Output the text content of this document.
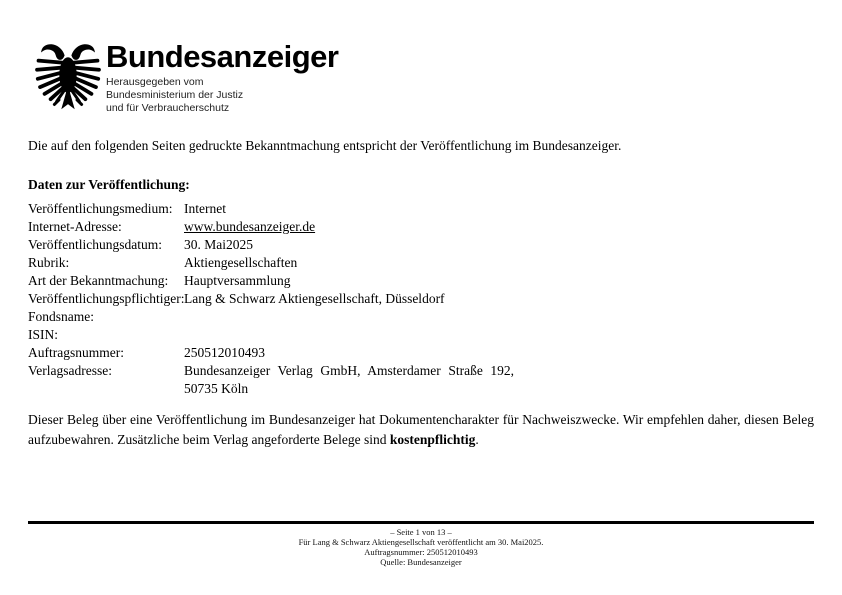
Bundesanzeiger
Herausgegeben vom
Bundesministerium der Justiz
und für Verbraucherschutz
Die auf den folgenden Seiten gedruckte Bekanntmachung entspricht der Veröffentlichung im Bundesanzeiger.
Daten zur Veröffentlichung:
Veröffentlichungsmedium: Internet
Internet-Adresse:	www.bundesanzeiger.de
Veröffentlichungsdatum:	30. Mai2025
Rubrik:	Aktiengesellschaften
Art der Bekanntmachung:	Hauptversammlung
Veröffentlichungspflichtiger: Lang & Schwarz Aktiengesellschaft, Düsseldorf
Fondsname:
ISIN:
Auftragsnummer:	250512010493
Verlagsadresse:	Bundesanzeiger Verlag GmbH, Amsterdamer Straße 192, 50735 Köln
Dieser Beleg über eine Veröffentlichung im Bundesanzeiger hat Dokumentencharakter für Nachweiszwecke. Wir empfehlen daher, diesen Beleg aufzubewahren. Zusätzliche beim Verlag angeforderte Belege sind kostenpflichtig.
– Seite 1 von 13 –
Für Lang & Schwarz Aktiengesellschaft veröffentlicht am 30. Mai2025.
Auftragsnummer: 250512010493
Quelle: Bundesanzeiger
